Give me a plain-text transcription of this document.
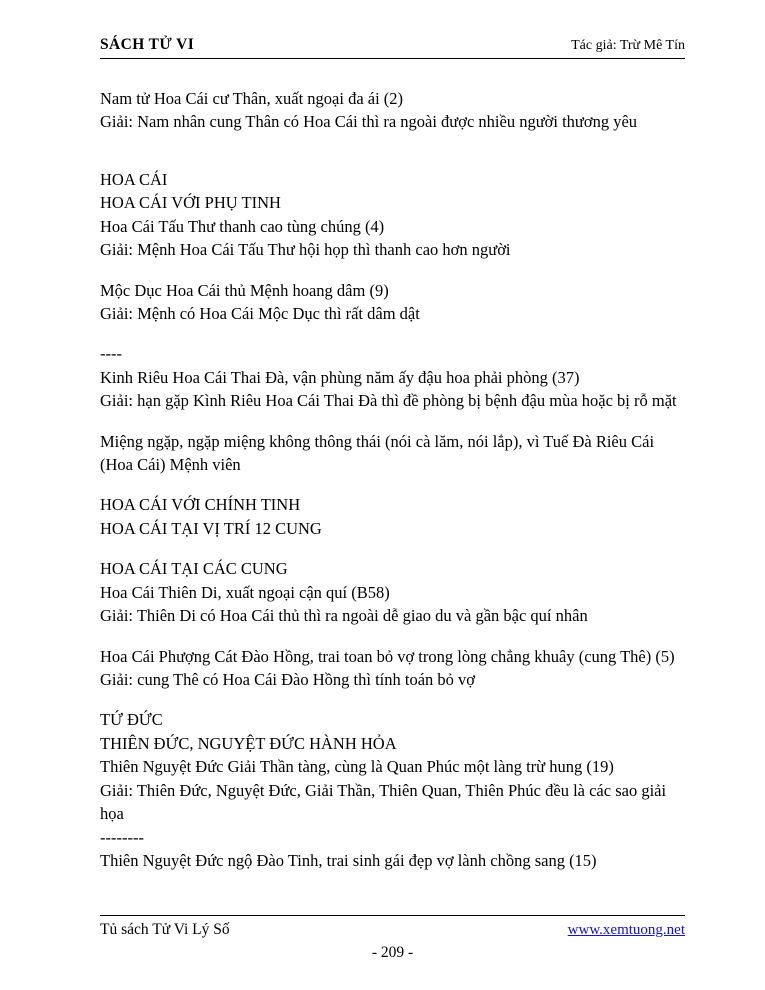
SÁCH TỬ VI	Tác giả: Trừ Mê Tín
Nam tử Hoa Cái cư Thân, xuất ngoại đa ái (2)
Giải: Nam nhân cung Thân có Hoa Cái thì ra ngoài được nhiều người thương yêu
HOA CÁI
HOA CÁI VỚI PHỤ TINH
Hoa Cái Tấu Thư thanh cao tùng chúng (4)
Giải: Mệnh Hoa Cái Tấu Thư hội họp thì thanh cao hơn người
Mộc Dục Hoa Cái thủ Mệnh hoang dâm (9)
Giải: Mệnh có Hoa Cái Mộc Dục thì rất dâm dật
----
Kinh Riêu Hoa Cái Thai Đà, vận phùng năm ấy đậu hoa phải phòng (37)
Giải: hạn gặp Kình Riêu Hoa Cái Thai Đà thì đề phòng bị bệnh đậu mùa hoặc bị rỗ mặt
Miệng ngặp, ngặp miệng không thông thái (nói cà lăm, nói lắp), vì Tuế Đà Riêu Cái (Hoa Cái) Mệnh viên
HOA CÁI VỚI CHÍNH TINH
HOA CÁI TẠI VỊ TRÍ 12 CUNG
HOA CÁI TẠI CÁC CUNG
Hoa Cái Thiên Di, xuất ngoại cận quí (B58)
Giải: Thiên Di có Hoa Cái thủ thì ra ngoài dễ giao du và gần bậc quí nhân
Hoa Cái Phượng Cát Đào Hồng, trai toan bỏ vợ trong lòng chẳng khuây (cung Thê) (5)
Giải: cung Thê có Hoa Cái Đào Hồng thì tính toán bỏ vợ
TỨ ĐỨC
THIÊN ĐỨC, NGUYỆT ĐỨC HÀNH HỎA
Thiên Nguyệt Đức Giải Thần tàng, cùng là Quan Phúc một làng trừ hung (19)
Giải: Thiên Đức, Nguyệt Đức, Giải Thần, Thiên Quan, Thiên Phúc đều là các sao giải họa
--------
Thiên Nguyệt Đức ngộ Đào Tinh, trai sinh gái đẹp vợ lành chồng sang (15)
Tủ sách Tử Vi Lý Số	www.xemtuong.net
- 209 -
